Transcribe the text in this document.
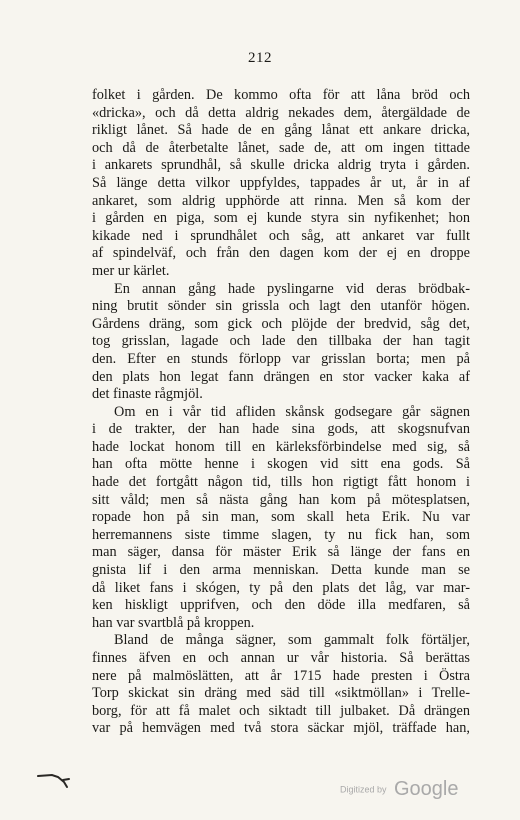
212
folket i gården. De kommo ofta för att låna bröd och
«dricka», och då detta aldrig nekades dem, återgäldade de
rikligt lånet. Så hade de en gång lånat ett ankare dricka,
och då de återbetalte lånet, sade de, att om ingen tittade
i ankarets sprundhål, så skulle dricka aldrig tryta i gården.
Så länge detta vilkor uppfyldes, tappades år ut, år in af
ankaret, som aldrig upphörde att rinna. Men så kom der
i gården en piga, som ej kunde styra sin nyfikenhet; hon
kikade ned i sprundhålet och såg, att ankaret var fullt
af spindelväf, och från den dagen kom der ej en droppe
mer ur kärlet.
En annan gång hade pyslingarne vid deras brödbak-
ning brutit sönder sin grissla och lagt den utanför högen.
Gårdens dräng, som gick och plöjde der bredvid, såg det,
tog grisslan, lagade och lade den tillbaka der han tagit
den. Efter en stunds förlopp var grisslan borta; men på
den plats hon legat fann drängen en stor vacker kaka af
det finaste rågmjöl.
Om en i vår tid afliden skånsk godsegare går sägnen
i de trakter, der han hade sina gods, att skogsnufvan
hade lockat honom till en kärleksförbindelse med sig, så
han ofta mötte henne i skogen vid sitt ena gods. Så
hade det fortgått någon tid, tills hon rigtigt fått honom i
sitt våld; men så nästa gång han kom på mötesplatsen,
ropade hon på sin man, som skall heta Erik. Nu var
herremannens siste timme slagen, ty nu fick han, som
man säger, dansa för mäster Erik så länge der fans en
gnista lif i den arma menniskan. Detta kunde man se
då liket fans i skógen, ty på den plats det låg, var mar-
ken hiskligt upprifven, och den döde illa medfaren, så
han var svartblå på kroppen.
Bland de många sägner, som gammalt folk förtäljer,
finnes äfven en och annan ur vår historia. Så berättas
nere på malmöslätten, att år 1715 hade presten i Östra
Torp skickat sin dräng med säd till «siktmöllan» i Trelle-
borg, för att få malet och siktadt till julbaket. Då drängen
var på hemvägen med två stora säckar mjöl, träffade han,
Digitized by Google
